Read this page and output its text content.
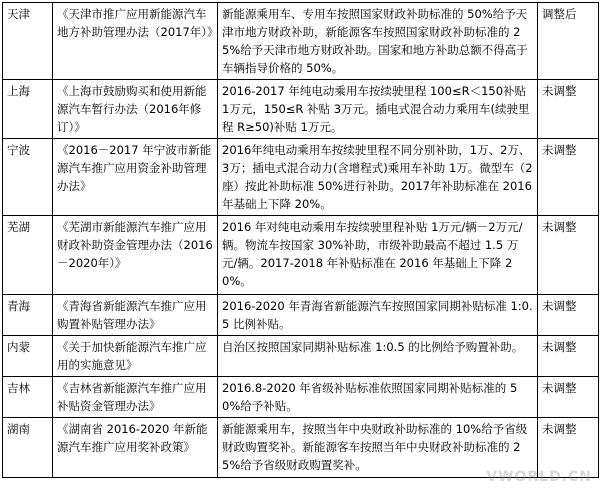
天津	《天津市推广应用新能源汽车地方补助管理办法（2017年）》	新能源乘用车、专用车按照国家财政补助标准的 50%给予天津市地方财政补助，新能源客车按照国家财政补助标准的 25%给予天津市地方财政补助。国家和地方补助总额不得高于车辆指导价格的 50%。	调整后
上海	《上海市鼓励购买和使用新能源汽车暂行办法（2016年修订）》	2016-2017 年纯电动乘用车按续驶里程 100≤R＜150补贴 1万元，150≤R 补贴 3万元。插电式混合动力乘用车(续驶里程 R≥50)补贴 1万元。	未调整
宁波	《2016－2017 年宁波市新能源汽车推广应用资金补助管理办法》	2016年纯电动乘用车按续驶里程不同分别补助，1万、2万、3万；插电式混合动力(含增程式)乘用车补助 1万。微型车（2座）按此补助标准 50%进行补助。2017年补助标准在 2016 年基础上下降 20%。	未调整
芜湖	《芜湖市新能源汽车推广应用财政补助资金管理办法（2016－2020年）》	2016 年对纯电动乘用车按续驶里程补贴 1万元/辆－2万元/辆。物流车按国家 30%补助，市级补助最高不超过 1.5 万元/辆。2017-2018 年补贴标准在 2016 年基础上下降 20%。	未调整
青海	《青海省新能源汽车推广应用购置补贴管理办法》	2016-2020 年青海省新能源汽车按照国家同期补贴标准 1:0.5 比例补贴。	未调整
内蒙	《关于加快新能源汽车推广应用的实施意见》	自治区按照国家同期补贴标准 1:0.5 的比例给予购置补助。	未调整
吉林	《吉林省新能源汽车推广应用补贴资金管理办法》	2016.8-2020 年省级补贴标准依照国家同期补贴标准的 50%给予补贴。	未调整
湖南	《湖南省 2016-2020 年新能源汽车推广应用奖补政策》	新能源乘用车，按照当年中央财政补助标准的 10%给予省级财政购置奖补。新能源客车按照当年中央财政补助标准的 25%给予省级财政购置奖补。	未调整
VWORLD.CN
